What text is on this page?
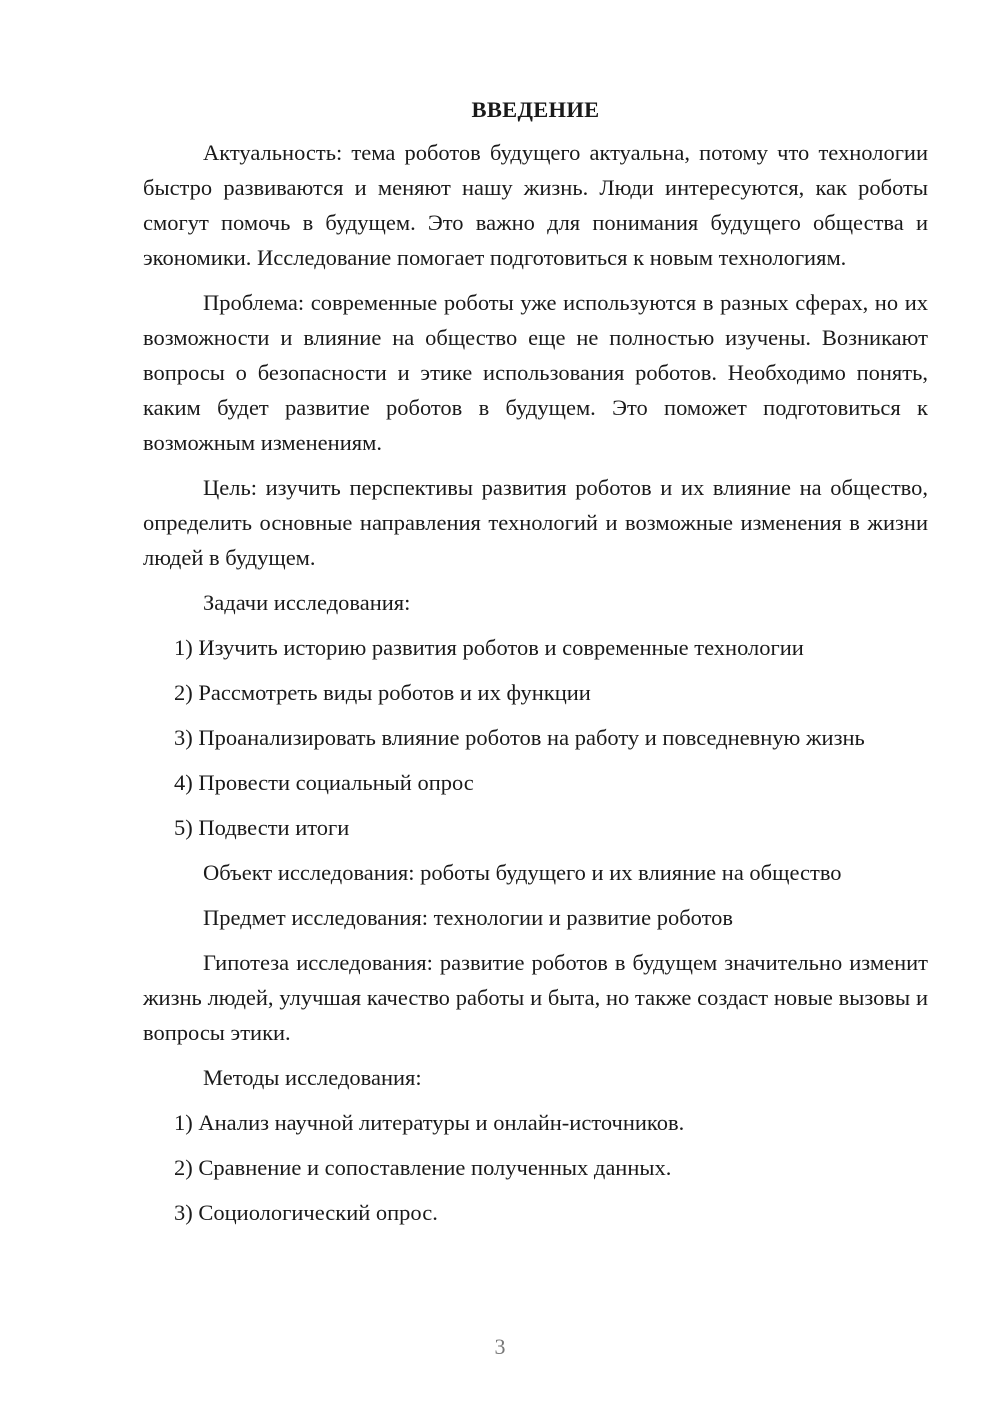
ВВЕДЕНИЕ

Актуальность: тема роботов будущего актуальна, потому что технологии быстро развиваются и меняют нашу жизнь. Люди интересуются, как роботы смогут помочь в будущем. Это важно для понимания будущего общества и экономики. Исследование помогает подготовиться к новым технологиям.

Проблема: современные роботы уже используются в разных сферах, но их возможности и влияние на общество еще не полностью изучены. Возникают вопросы о безопасности и этике использования роботов. Необходимо понять, каким будет развитие роботов в будущем. Это поможет подготовиться к возможным изменениям.

Цель: изучить перспективы развития роботов и их влияние на общество, определить основные направления технологий и возможные изменения в жизни людей в будущем.

Задачи исследования:

1) Изучить историю развития роботов и современные технологии

2) Рассмотреть виды роботов и их функции

3) Проанализировать влияние роботов на работу и повседневную жизнь

4) Провести социальный опрос

5) Подвести итоги

Объект исследования: роботы будущего и их влияние на общество

Предмет исследования: технологии и развитие роботов

Гипотеза исследования: развитие роботов в будущем значительно изменит жизнь людей, улучшая качество работы и быта, но также создаст новые вызовы и вопросы этики.

Методы исследования:

1) Анализ научной литературы и онлайн-источников.

2) Сравнение и сопоставление полученных данных.

3) Социологический опрос.

3
